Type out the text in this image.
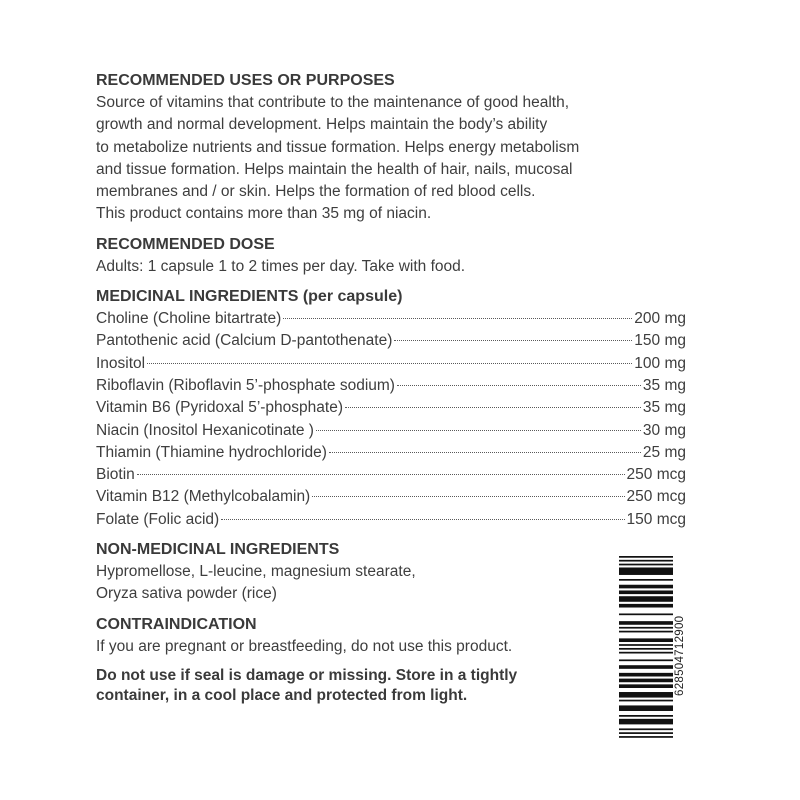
RECOMMENDED USES OR PURPOSES

Source of vitamins that contribute to the maintenance of good health,
growth and normal development. Helps maintain the body’s ability
to metabolize nutrients and tissue formation. Helps energy metabolism
and tissue formation. Helps maintain the health of hair, nails, mucosal
membranes and / or skin. Helps the formation of red blood cells.
This product contains more than 35 mg of niacin.

RECOMMENDED DOSE

Adults: 1 capsule 1 to 2 times per day. Take with food.

MEDICINAL INGREDIENTS (per capsule)
Choline (Choline bitartrate)	200 mg
Pantothenic acid (Calcium D-pantothenate)	150 mg
Inositol	100 mg
Riboflavin (Riboflavin 5’-phosphate sodium)	35 mg
Vitamin B6 (Pyridoxal 5’-phosphate)	35 mg
Niacin (Inositol Hexanicotinate )	30 mg
Thiamin (Thiamine hydrochloride)	25 mg
Biotin	250 mcg
Vitamin B12 (Methylcobalamin)	250 mcg
Folate (Folic acid)	150 mcg
NON-MEDICINAL INGREDIENTS

Hypromellose, L-leucine, magnesium stearate,
Oryza sativa powder (rice)

CONTRAINDICATION

If you are pregnant or breastfeeding, do not use this product.

Do not use if seal is damage or missing. Store in a tightly
container, in a cool place and protected from light.	628504712900
